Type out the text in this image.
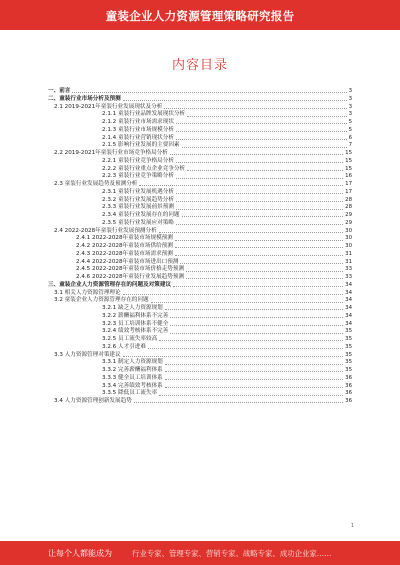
童装企业人力资源管理策略研究报告
内容目录
一、前言	3
二、童装行业市场分析及预测	3
2.1 2019-2021年童装行业发展现状及分析	3
2.1.1 童装行业品牌发展现状分析	3
2.1.2 童装行业市场需求现状	5
2.1.3 童装行业市场规模分析	5
2.1.4 童装行业营销现状分析	6
2.1.5 影响行业发展的主要因素	7
2.2 2019-2021年童装行业市场竞争格局分析	15
2.2.1 童装行业竞争格局分析	15
2.2.2 童装行业重点企业竞争分析	15
2.2.3 童装行业竞争策略分析	16
2.3 童装行业发展趋势及预测分析	17
2.3.1 童装行业发展机遇分析	17
2.3.2 童装行业发展趋势分析	28
2.3.3 童装行业发展前景预测	28
2.3.4 童装行业发展存在的问题	29
2.3.5 童装行业发展应对策略	29
2.4 2022-2028年童装行业发展预测分析	30
2.4.1 2022-2028年童装市场规模预测	30
2.4.2 2022-2028年童装市场供给预测	30
2.4.3 2022-2028年童装市场需求预测	31
2.4.4 2022-2028年童装市场进出口预测	31
2.4.5 2022-2028年童装市场价格走势预测	33
2.4.6 2022-2028年童装行业发展趋势预测	33
三、童装企业人力资源管理存在的问题及对策建议	34
3.1 相关人力资源管理理论	34
3.2 童装企业人力资源管理存在的问题	34
3.2.1 缺乏人力资源规划	34
3.2.2 薪酬福利体系不完善	34
3.2.3 员工培训体系不健全	34
3.2.4 绩效考核体系不完善	35
3.2.5 员工流失率较高	35
3.2.6 人才引进难	35
3.3 人力资源管理对策建议	35
3.3.1 制定人力资源规划	35
3.3.2 完善薪酬福利体系	35
3.3.3 健全员工培训体系	36
3.3.4 完善绩效考核体系	36
3.3.5 降低员工流失率	36
3.4 人力资源管理创新发展趋势	36
1
让每个人都能成为	行业专家、管理专家、营销专家、战略专家、成功企业家……
